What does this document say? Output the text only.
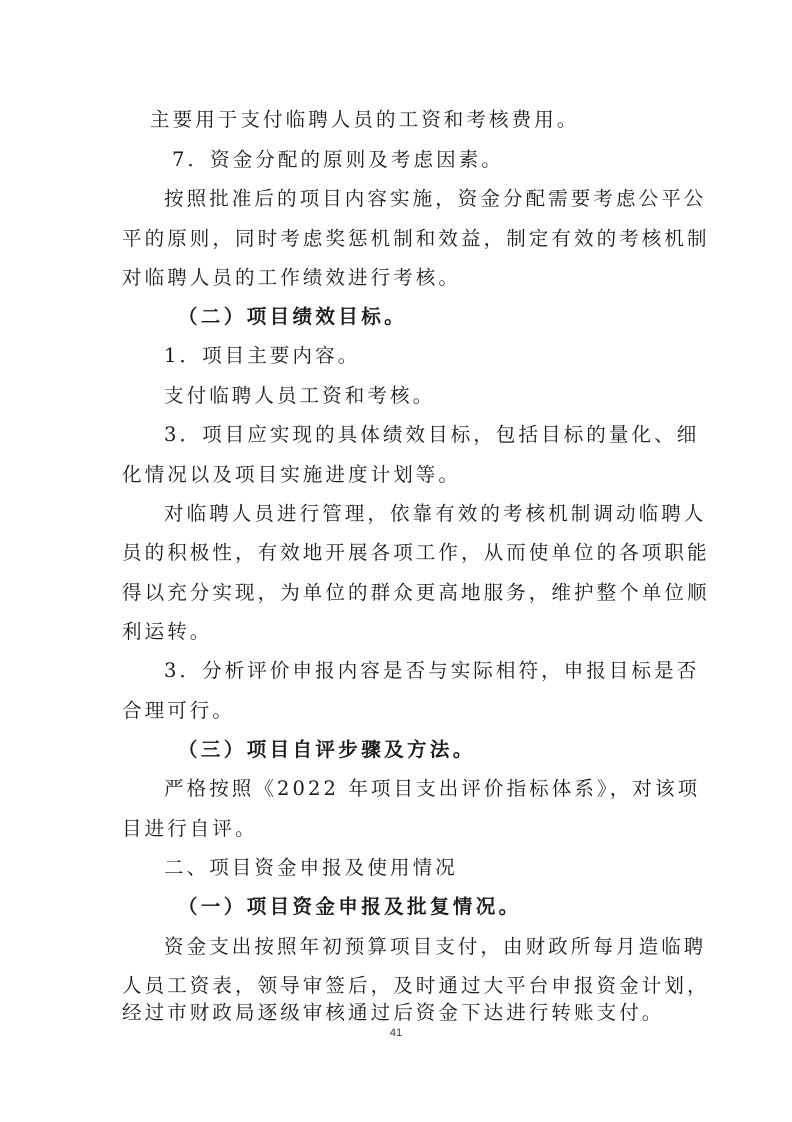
主要用于支付临聘人员的工资和考核费用。
7．资金分配的原则及考虑因素。
按照批准后的项目内容实施，资金分配需要考虑公平公
平的原则，同时考虑奖惩机制和效益，制定有效的考核机制
对临聘人员的工作绩效进行考核。
（二）项目绩效目标。
1．项目主要内容。
支付临聘人员工资和考核。
3．项目应实现的具体绩效目标，包括目标的量化、细
化情况以及项目实施进度计划等。
对临聘人员进行管理，依靠有效的考核机制调动临聘人
员的积极性，有效地开展各项工作，从而使单位的各项职能
得以充分实现，为单位的群众更高地服务，维护整个单位顺
利运转。
3．分析评价申报内容是否与实际相符，申报目标是否
合理可行。
（三）项目自评步骤及方法。
严格按照《2022 年项目支出评价指标体系》，对该项
目进行自评。
二、项目资金申报及使用情况
（一）项目资金申报及批复情况。
资金支出按照年初预算项目支付，由财政所每月造临聘
人员工资表，领导审签后，及时通过大平台申报资金计划，
经过市财政局逐级审核通过后资金下达进行转账支付。
41
